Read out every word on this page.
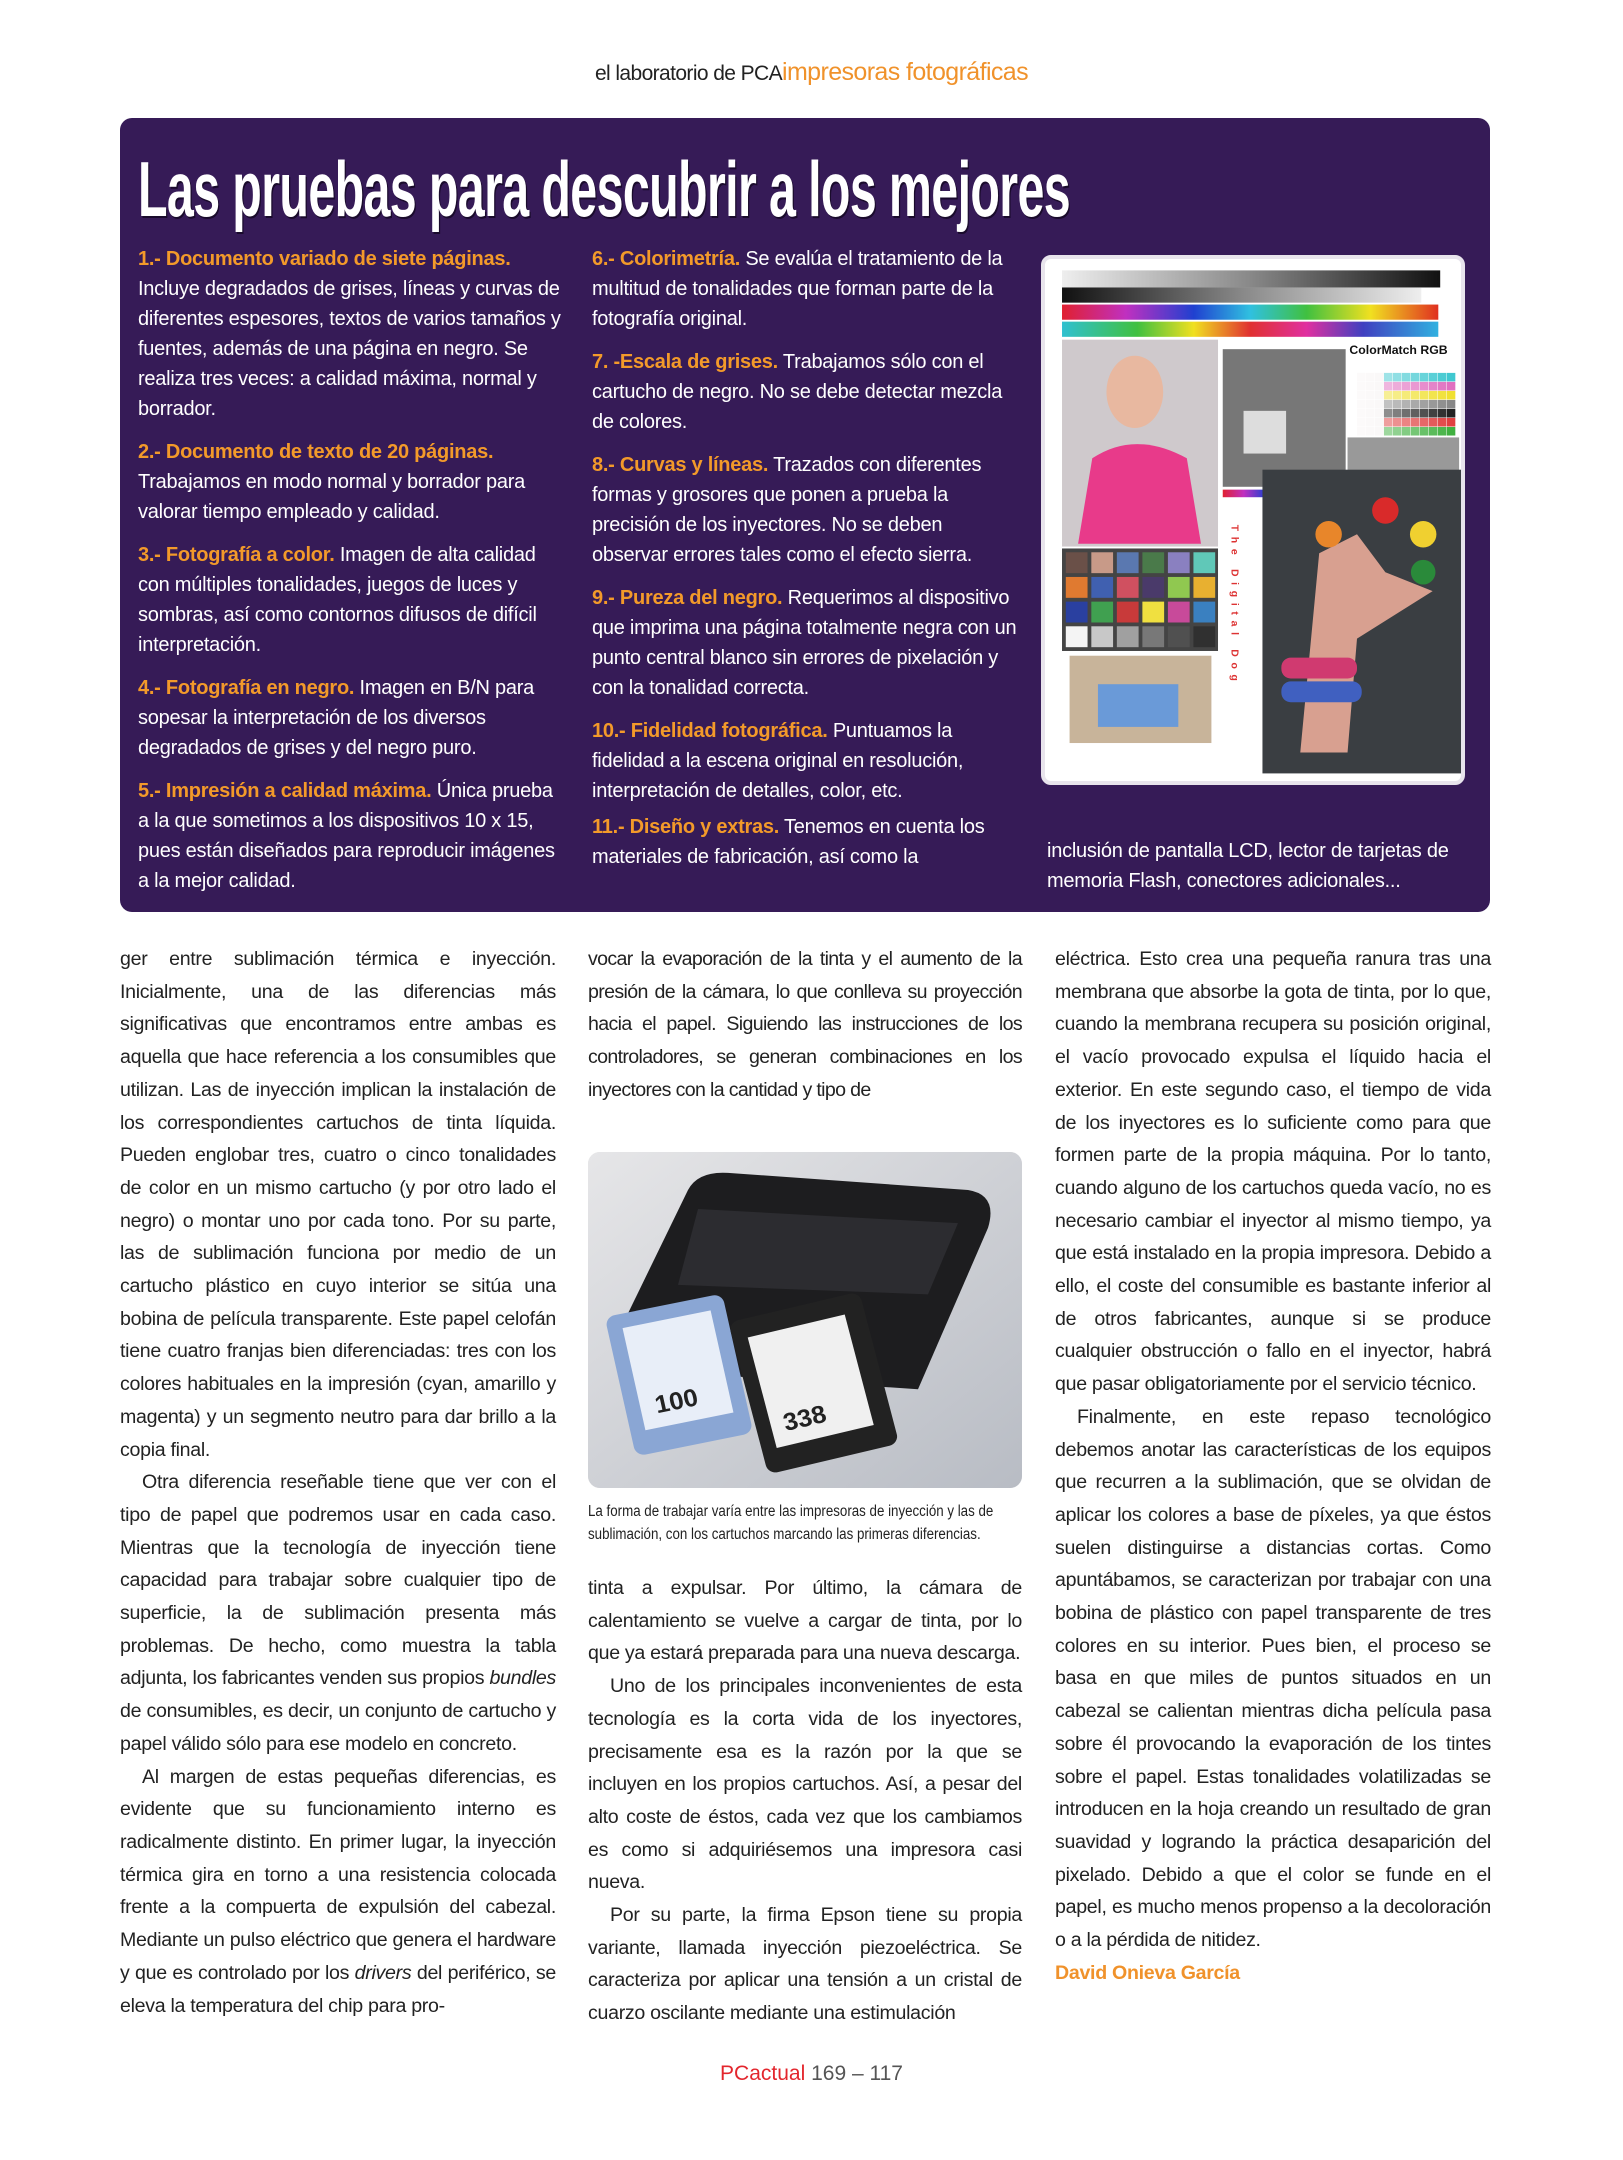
el laboratorio de PCAimpresoras fotográficas
Las pruebas para descubrir a los mejores

1.- Documento variado de siete páginas. Incluye degradados de grises, líneas y curvas de diferentes espesores, textos de varios tamaños y fuentes, además de una página en negro. Se realiza tres veces: a calidad máxima, normal y borrador.

2.- Documento de texto de 20 páginas. Trabajamos en modo normal y borrador para valorar tiempo empleado y calidad.

3.- Fotografía a color. Imagen de alta calidad con múltiples tonalidades, juegos de luces y sombras, así como contornos difusos de difícil interpretación.

4.- Fotografía en negro. Imagen en B/N para sopesar la interpretación de los diversos degradados de grises y del negro puro.

5.- Impresión a calidad máxima. Única prueba a la que sometimos a los dispositivos 10 x 15, pues están diseñados para reproducir imágenes a la mejor calidad.

6.- Colorimetría. Se evalúa el tratamiento de la multitud de tonalidades que forman parte de la fotografía original.

7. -Escala de grises. Trabajamos sólo con el cartucho de negro. No se debe detectar mezcla de colores.

8.- Curvas y líneas. Trazados con diferentes formas y grosores que ponen a prueba la precisión de los inyectores. No se deben observar errores tales como el efecto sierra.

9.- Pureza del negro. Requerimos al dispositivo que imprima una página totalmente negra con un punto central blanco sin errores de pixelación y con la tonalidad correcta.

10.- Fidelidad fotográfica. Puntuamos la fidelidad a la escena original en resolución, interpretación de detalles, color, etc.

11.- Diseño y extras. Tenemos en cuenta los materiales de fabricación, así como la

ColorMatch RGB
The Digital Dog
inclusión de pantalla LCD, lector de tarjetas de memoria Flash, conectores adicionales...

ger entre sublimación térmica e inyección. Inicialmente, una de las diferencias más significativas que encontramos entre ambas es aquella que hace referencia a los consumibles que utilizan. Las de inyección implican la instalación de los correspondientes cartuchos de tinta líquida. Pueden englobar tres, cuatro o cinco tonalidades de color en un mismo cartucho (y por otro lado el negro) o montar uno por cada tono. Por su parte, las de sublimación funciona por medio de un cartucho plástico en cuyo interior se sitúa una bobina de película transparente. Este papel celofán tiene cuatro franjas bien diferenciadas: tres con los colores habituales en la impresión (cyan, amarillo y magenta) y un segmento neutro para dar brillo a la copia final.

Otra diferencia reseñable tiene que ver con el tipo de papel que podremos usar en cada caso. Mientras que la tecnología de inyección tiene capacidad para trabajar sobre cualquier tipo de superficie, la de sublimación presenta más problemas. De hecho, como muestra la tabla adjunta, los fabricantes venden sus propios bundles de consumibles, es decir, un conjunto de cartucho y papel válido sólo para ese modelo en concreto.

Al margen de estas pequeñas diferencias, es evidente que su funcionamiento interno es radicalmente distinto. En primer lugar, la inyección térmica gira en torno a una resistencia colocada frente a la compuerta de expulsión del cabezal. Mediante un pulso eléctrico que genera el hardware y que es controlado por los drivers del periférico, se eleva la temperatura del chip para pro-

vocar la evaporación de la tinta y el aumento de la presión de la cámara, lo que conlleva su proyección hacia el papel. Siguiendo las instrucciones de los controladores, se generan combinaciones en los inyectores con la cantidad y tipo de

100	338
La forma de trabajar varía entre las impresoras de inyección y las de sublimación, con los cartuchos marcando las primeras diferencias.

tinta a expulsar. Por último, la cámara de calentamiento se vuelve a cargar de tinta, por lo que ya estará preparada para una nueva descarga.

Uno de los principales inconvenientes de esta tecnología es la corta vida de los inyectores, precisamente esa es la razón por la que se incluyen en los propios cartuchos. Así, a pesar del alto coste de éstos, cada vez que los cambiamos es como si adquiriésemos una impresora casi nueva.

Por su parte, la firma Epson tiene su propia variante, llamada inyección piezoeléctrica. Se caracteriza por aplicar una tensión a un cristal de cuarzo oscilante mediante una estimulación

eléctrica. Esto crea una pequeña ranura tras una membrana que absorbe la gota de tinta, por lo que, cuando la membrana recupera su posición original, el vacío provocado expulsa el líquido hacia el exterior. En este segundo caso, el tiempo de vida de los inyectores es lo suficiente como para que formen parte de la propia máquina. Por lo tanto, cuando alguno de los cartuchos queda vacío, no es necesario cambiar el inyector al mismo tiempo, ya que está instalado en la propia impresora. Debido a ello, el coste del consumible es bastante inferior al de otros fabricantes, aunque si se produce cualquier obstrucción o fallo en el inyector, habrá que pasar obligatoriamente por el servicio técnico.

Finalmente, en este repaso tecnológico debemos anotar las características de los equipos que recurren a la sublimación, que se olvidan de aplicar los colores a base de píxeles, ya que éstos suelen distinguirse a distancias cortas. Como apuntábamos, se caracterizan por trabajar con una bobina de plástico con papel transparente de tres colores en su interior. Pues bien, el proceso se basa en que miles de puntos situados en un cabezal se calientan mientras dicha película pasa sobre él provocando la evaporación de los tintes sobre el papel. Estas tonalidades volatilizadas se introducen en la hoja creando un resultado de gran suavidad y logrando la práctica desaparición del pixelado. Debido a que el color se funde en el papel, es mucho menos propenso a la decoloración o a la pérdida de nitidez.

David Onieva García
PCactual 169 – 117
